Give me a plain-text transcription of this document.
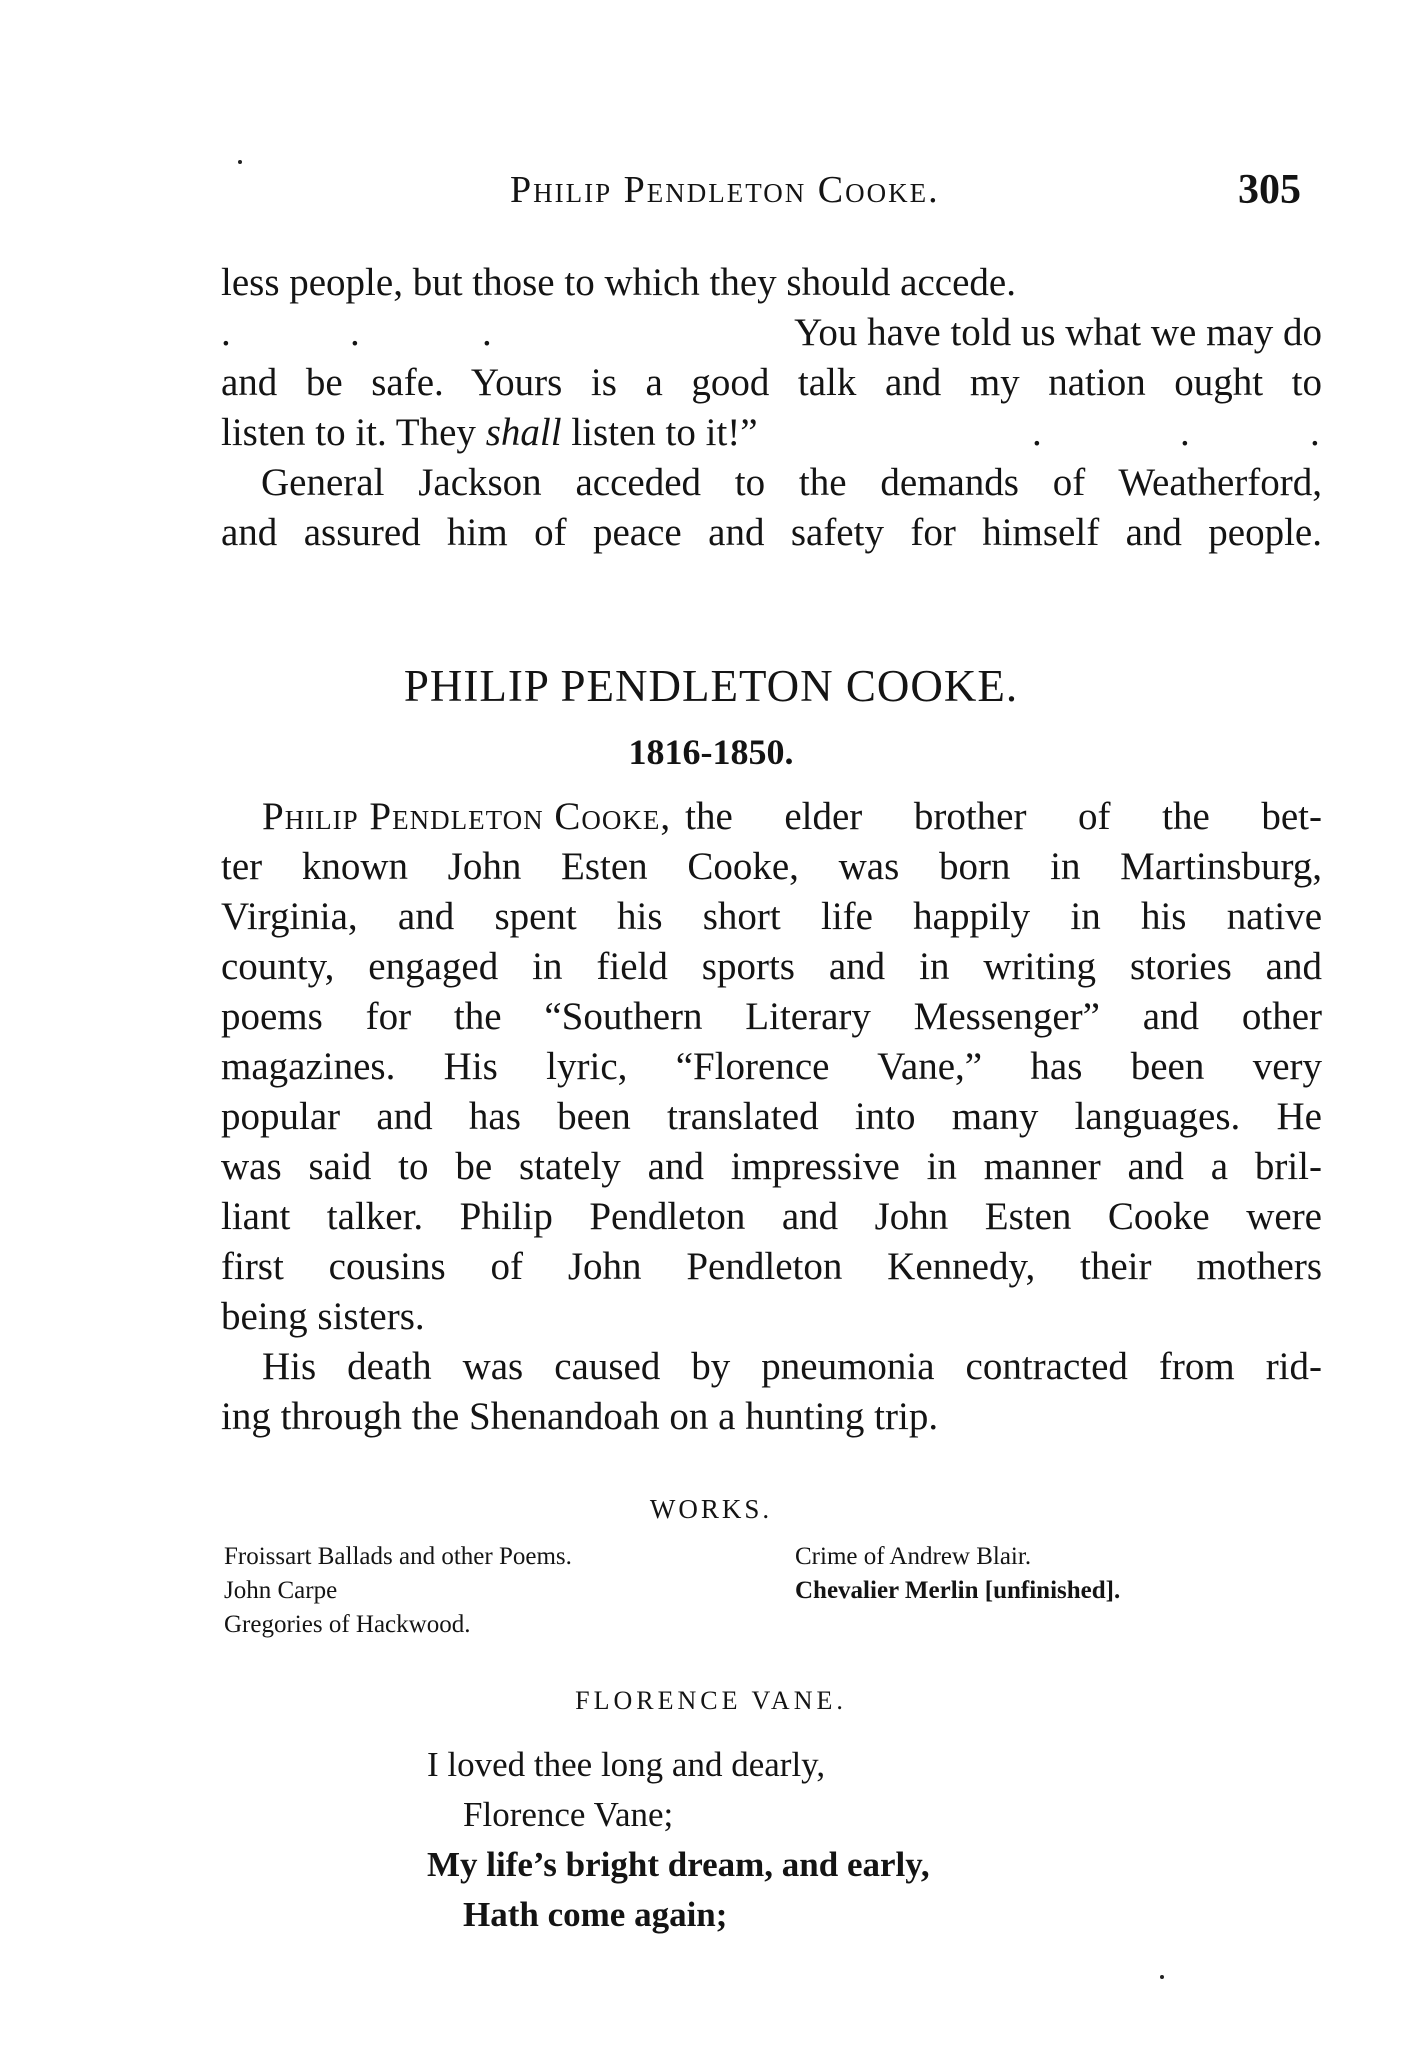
Philip Pendleton Cooke.	305
less people, but those to which they should accede.
.	.	.	You have told us what we may do
and be safe. Yours is a good talk and my nation ought to
listen to it. They shall listen to it!”	.	.	.
General Jackson acceded to the demands of Weatherford,
and assured him of peace and safety for himself and people.
PHILIP PENDLETON COOKE.
1816-1850.
Philip Pendleton Cooke, the elder brother of the bet-
ter known John Esten Cooke, was born in Martinsburg,
Virginia, and spent his short life happily in his native
county, engaged in field sports and in writing stories and
poems for the “Southern Literary Messenger” and other
magazines. His lyric, “Florence Vane,” has been very
popular and has been translated into many languages. He
was said to be stately and impressive in manner and a bril-
liant talker. Philip Pendleton and John Esten Cooke were
first cousins of John Pendleton Kennedy, their mothers
being sisters.
His death was caused by pneumonia contracted from rid-
ing through the Shenandoah on a hunting trip.
WORKS.
Froissart Ballads and other Poems.
John Carpe
Gregories of Hackwood.
Crime of Andrew Blair.
Chevalier Merlin [unfinished].
FLORENCE VANE.
I loved thee long and dearly,
Florence Vane;
My life’s bright dream, and early,
Hath come again;
